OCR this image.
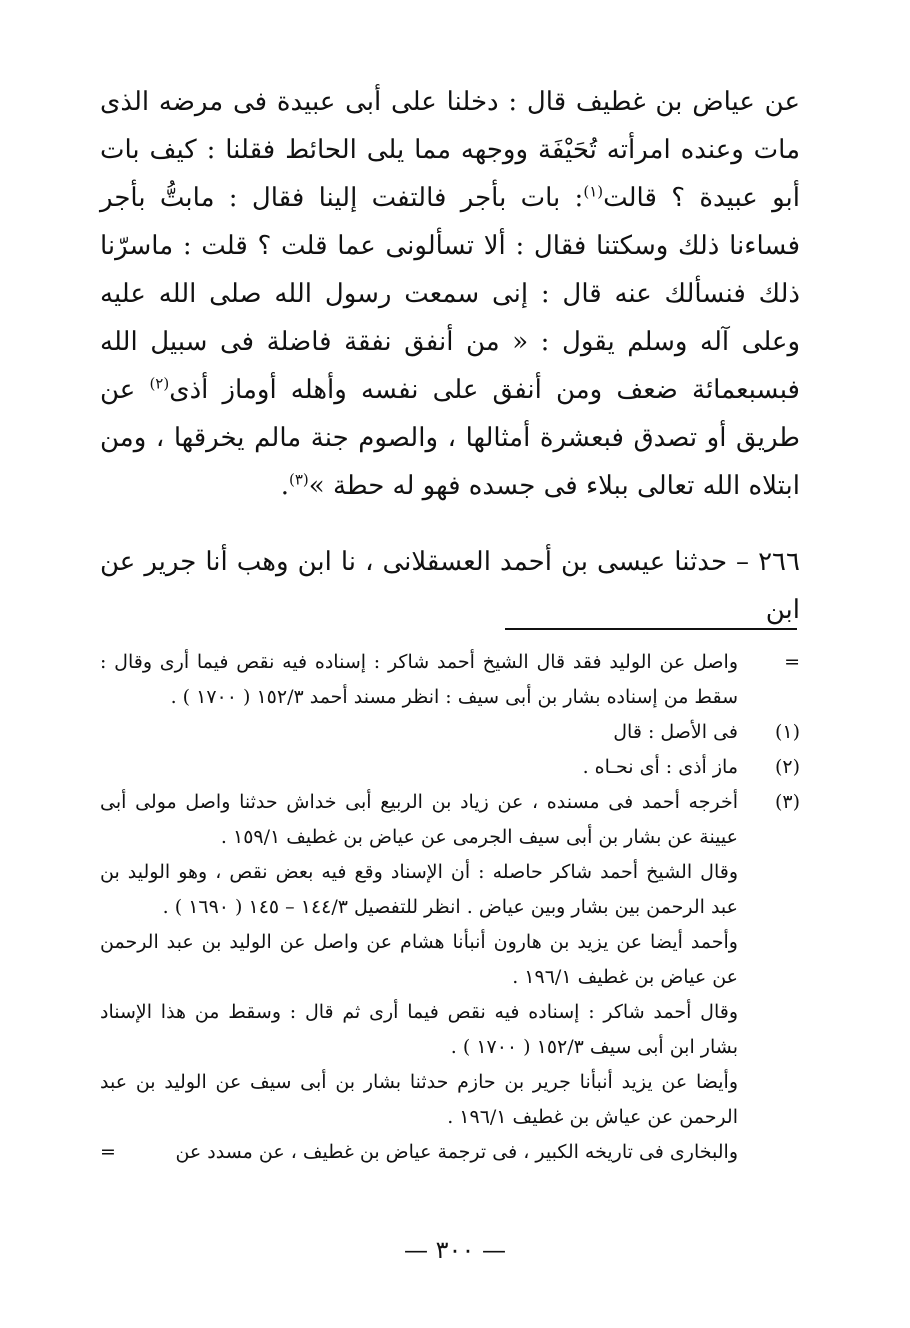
عن عياض بن غطيف قال : دخلنا على أبى عبيدة فى مرضه الذى مات وعنده امرأته تُحَيْفَة ووجهه مما يلى الحائط فقلنا : كيف بات أبو عبيدة ؟ قالت$^{(١)}$: بات بأجر فالتفت إلينا فقال : مابتُّ بأجر فساءنا ذلك وسكتنا فقال : ألا تسألونى عما قلت ؟ قلت : ماسرّنا ذلك فنسألك عنه قال : إنى سمعت رسول الله صلى الله عليه وعلى آله وسلم يقول : « من أنفق نفقة فاضلة فى سبيل الله فبسبعمائة ضعف ومن أنفق على نفسه وأهله أوماز أذى$^{(٢)}$ عن طريق أو تصدق فبعشرة أمثالها ، والصوم جنة مالم يخرقها ، ومن ابتلاه الله تعالى ببلاء فى جسده فهو له حطة »$^{(٣)}$.

٢٦٦ – حدثنا عيسى بن أحمد العسقلانى ، نا ابن وهب أنا جرير عن ابن

=
واصل عن الوليد فقد قال الشيخ أحمد شاكر : إسناده فيه نقص فيما أرى وقال : سقط من إسناده بشار بن أبى سيف : انظر مسند أحمد ١٥٢/٣ ( ١٧٠٠ ) .
(١)
فى الأصل : قال
(٢)
ماز أذى : أى نحـاه .
(٣)
أخرجه أحمد فى مسنده ، عن زياد بن الربيع أبى خداش حدثنا واصل مولى أبى عيينة عن بشار بن أبى سيف الجرمى عن عياض بن غطيف ١٥٩/١ .
وقال الشيخ أحمد شاكر حاصله : أن الإسناد وقع فيه بعض نقص ، وهو الوليد بن عبد الرحمن بين بشار وبين عياض . انظر للتفصيل ١٤٤/٣ – ١٤٥ ( ١٦٩٠ ) .
وأحمد أيضا عن يزيد بن هارون أنبأنا هشام عن واصل عن الوليد بن عبد الرحمن عن عياض بن غطيف ١٩٦/١ .
وقال أحمد شاكر : إسناده فيه نقص فيما أرى ثم قال : وسقط من هذا الإسناد بشار ابن أبى سيف ١٥٢/٣ ( ١٧٠٠ ) .
وأيضا عن يزيد أنبأنا جرير بن حازم حدثنا بشار بن أبى سيف عن الوليد بن عبد الرحمن عن عياش بن غطيف ١٩٦/١ .
والبخارى فى تاريخه الكبير ، فى ترجمة عياض بن غطيف ، عن مسدد عن
=
— ٣٠٠ —
